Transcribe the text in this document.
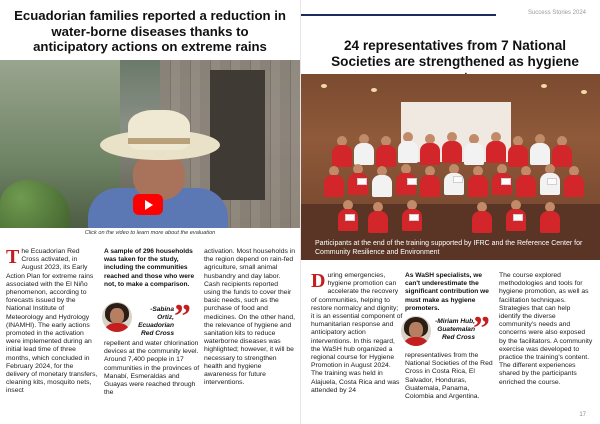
Ecuadorian families reported a reduction in water-borne diseases thanks to anticipatory actions on extreme rains
Click on the video to learn more about the evaluation
The Ecuadorian Red Cross activated, in August 2023, its Early Action Plan for extreme rains associated with the El Niño phenomenon, according to forecasts issued by the National Institute of Meteorology and Hydrology (INAMHI). The early actions promoted in the activation were implemented during an initial lead time of three months, which concluded in February 2024, for the delivery of monetary transfers, cleaning kits, mosquito nets, insect
A sample of 296 households was taken for the study, including the communities reached and those who were not, to make a comparison.
-Sabina Ortiz, Ecuadorian Red Cross ”
repellent and water chlorination devices at the community level. Around 7,400 people in 17 communities in the provinces of Manabí, Esmeraldas and Guayas were reached through the
activation. Most households in the region depend on rain-fed agriculture, small animal husbandry and day labor. Cash recipients reported using the funds to cover their basic needs, such as the purchase of food and medicines. On the other hand, the relevance of hygiene and sanitation kits to reduce waterborne diseases was highlighted; however, it will be necessary to strengthen health and hygiene awareness for future interventions.
Success Stories 2024
24 representatives from 7 National Societies are strengthened as hygiene
Participants at the end of the training supported by IFRC and the Reference Center for Community Resilience and Environment
During emergencies, hygiene promotion can accelerate the recovery of communities, helping to restore normalcy and dignity; it is an essential component of humanitarian response and anticipatory action interventions. In this regard, the WaSH hub organized a regional course for Hygiene Promotion in August 2024. The training was held in Alajuela, Costa Rica and was attended by 24
As WaSH specialists, we can't underestimate the significant contribution we must make as hygiene promoters.
-Miriam Hub, Guatemalan Red Cross
”
representatives from the National Societies of the Red Cross in Costa Rica, El Salvador, Honduras, Guatemala, Panama, Colombia and Argentina.
The course explored methodologies and tools for hygiene promotion, as well as facilitation techniques. Strategies that can help identify the diverse community's needs and concerns were also exposed by the facilitators. A community exercise was developed to practice the training's content. The different experiences shared by the participants enriched the course.
17
